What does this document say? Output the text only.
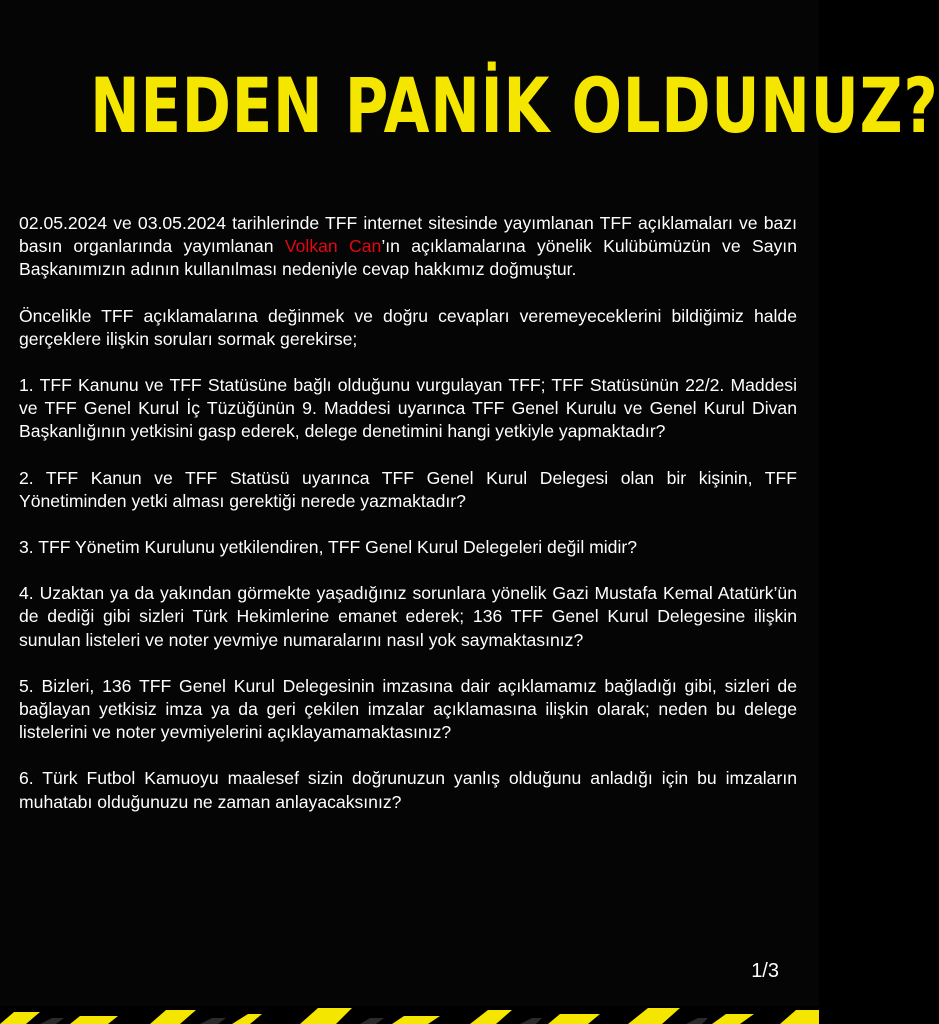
NEDEN PANİK OLDUNUZ?

02.05.2024 ve 03.05.2024 tarihlerinde TFF internet sitesinde yayımlanan TFF açıklamaları ve bazı basın organlarında yayımlanan Volkan Can’ın açıklamalarına yönelik Kulübümüzün ve Sayın Başkanımızın adının kullanılması nedeniyle cevap hakkımız doğmuştur.

Öncelikle TFF açıklamalarına değinmek ve doğru cevapları veremeyeceklerini bildiğimiz halde gerçeklere ilişkin soruları sormak gerekirse;

1. TFF Kanunu ve TFF Statüsüne bağlı olduğunu vurgulayan TFF; TFF Statüsünün 22/2. Maddesi ve TFF Genel Kurul İç Tüzüğünün 9. Maddesi uyarınca TFF Genel Kurulu ve Genel Kurul Divan Başkanlığının yetkisini gasp ederek, delege denetimini hangi yetkiyle yapmaktadır?

2. TFF Kanun ve TFF Statüsü uyarınca TFF Genel Kurul Delegesi olan bir kişinin, TFF Yönetiminden yetki alması gerektiği nerede yazmaktadır?

3. TFF Yönetim Kurulunu yetkilendiren, TFF Genel Kurul Delegeleri değil midir?

4. Uzaktan ya da yakından görmekte yaşadığınız sorunlara yönelik Gazi Mustafa Kemal Atatürk’ün de dediği gibi sizleri Türk Hekimlerine emanet ederek; 136 TFF Genel Kurul Delegesine ilişkin sunulan listeleri ve noter yevmiye numaralarını nasıl yok saymaktasınız?

5. Bizleri, 136 TFF Genel Kurul Delegesinin imzasına dair açıklamamız bağladığı gibi, sizleri de bağlayan yetkisiz imza ya da geri çekilen imzalar açıklamasına ilişkin olarak; neden bu delege listelerini ve noter yevmiyelerini açıklayamamaktasınız?

6. Türk Futbol Kamuoyu maalesef sizin doğrunuzun yanlış olduğunu anladığı için bu imzaların muhatabı olduğunuzu ne zaman anlayacaksınız?

1/3
